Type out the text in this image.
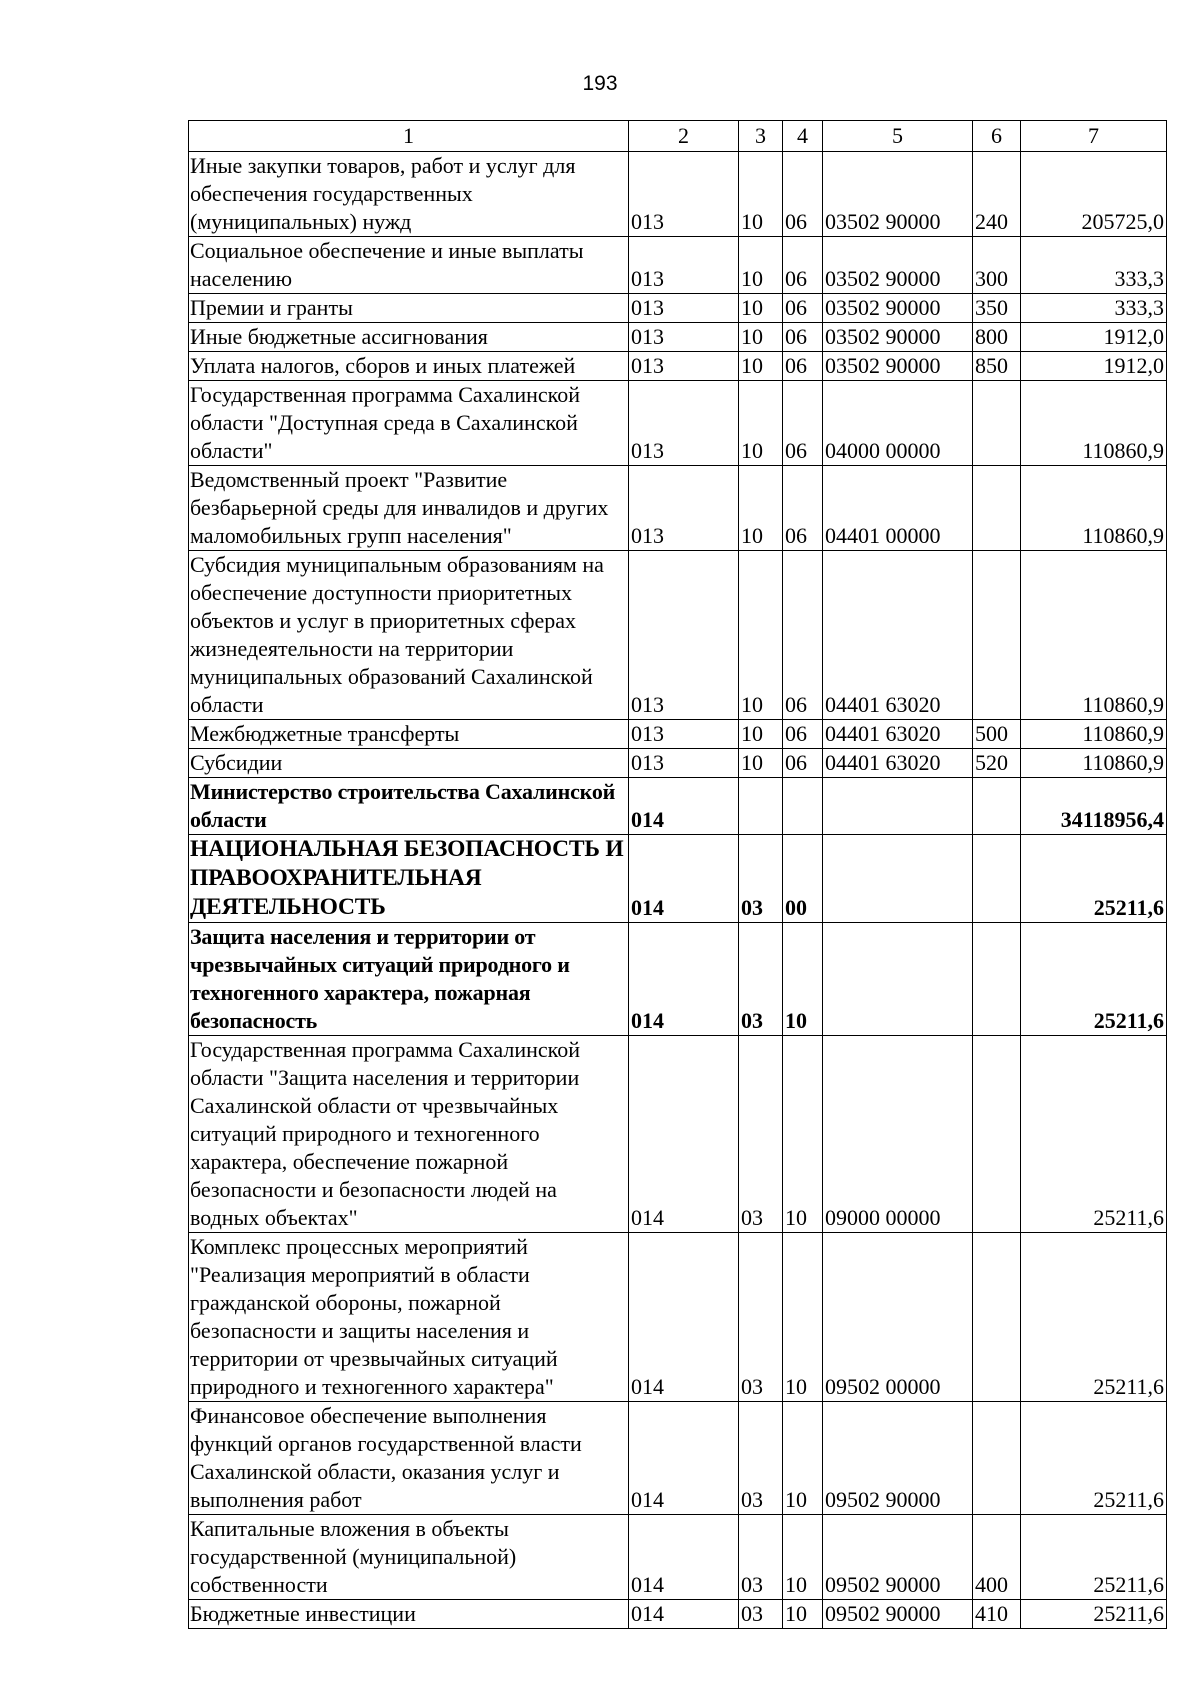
193
1	2	3	4	5	6	7
Иные закупки товаров, работ и услуг для обеспечения государственных (муниципальных) нужд	013	10	06	03502 90000	240	205725,0
Социальное обеспечение и иные выплаты населению	013	10	06	03502 90000	300	333,3
Премии и гранты	013	10	06	03502 90000	350	333,3
Иные бюджетные ассигнования	013	10	06	03502 90000	800	1912,0
Уплата налогов, сборов и иных платежей	013	10	06	03502 90000	850	1912,0
Государственная программа Сахалинской области "Доступная среда в Сахалинской области"	013	10	06	04000 00000		110860,9
Ведомственный проект "Развитие безбарьерной среды для инвалидов и других маломобильных групп населения"	013	10	06	04401 00000		110860,9
Субсидия муниципальным образованиям на обеспечение доступности приоритетных объектов и услуг в приоритетных сферах жизнедеятельности на территории муниципальных образований Сахалинской области	013	10	06	04401 63020		110860,9
Межбюджетные трансферты	013	10	06	04401 63020	500	110860,9
Субсидии	013	10	06	04401 63020	520	110860,9
Министерство строительства Сахалинской области	014					34118956,4
НАЦИОНАЛЬНАЯ БЕЗОПАСНОСТЬ И ПРАВООХРАНИТЕЛЬНАЯ ДЕЯТЕЛЬНОСТЬ	014	03	00			25211,6
Защита населения и территории от чрезвычайных ситуаций природного и техногенного характера, пожарная безопасность	014	03	10			25211,6
Государственная программа Сахалинской области "Защита населения и территории Сахалинской области от чрезвычайных ситуаций природного и техногенного характера, обеспечение пожарной безопасности и безопасности людей на водных объектах"	014	03	10	09000 00000		25211,6
Комплекс процессных мероприятий "Реализация мероприятий в области гражданской обороны, пожарной безопасности и защиты населения и территории от чрезвычайных ситуаций природного и техногенного характера"	014	03	10	09502 00000		25211,6
Финансовое обеспечение выполнения функций органов государственной власти Сахалинской области, оказания услуг и выполнения работ	014	03	10	09502 90000		25211,6
Капитальные вложения в объекты государственной (муниципальной) собственности	014	03	10	09502 90000	400	25211,6
Бюджетные инвестиции	014	03	10	09502 90000	410	25211,6
